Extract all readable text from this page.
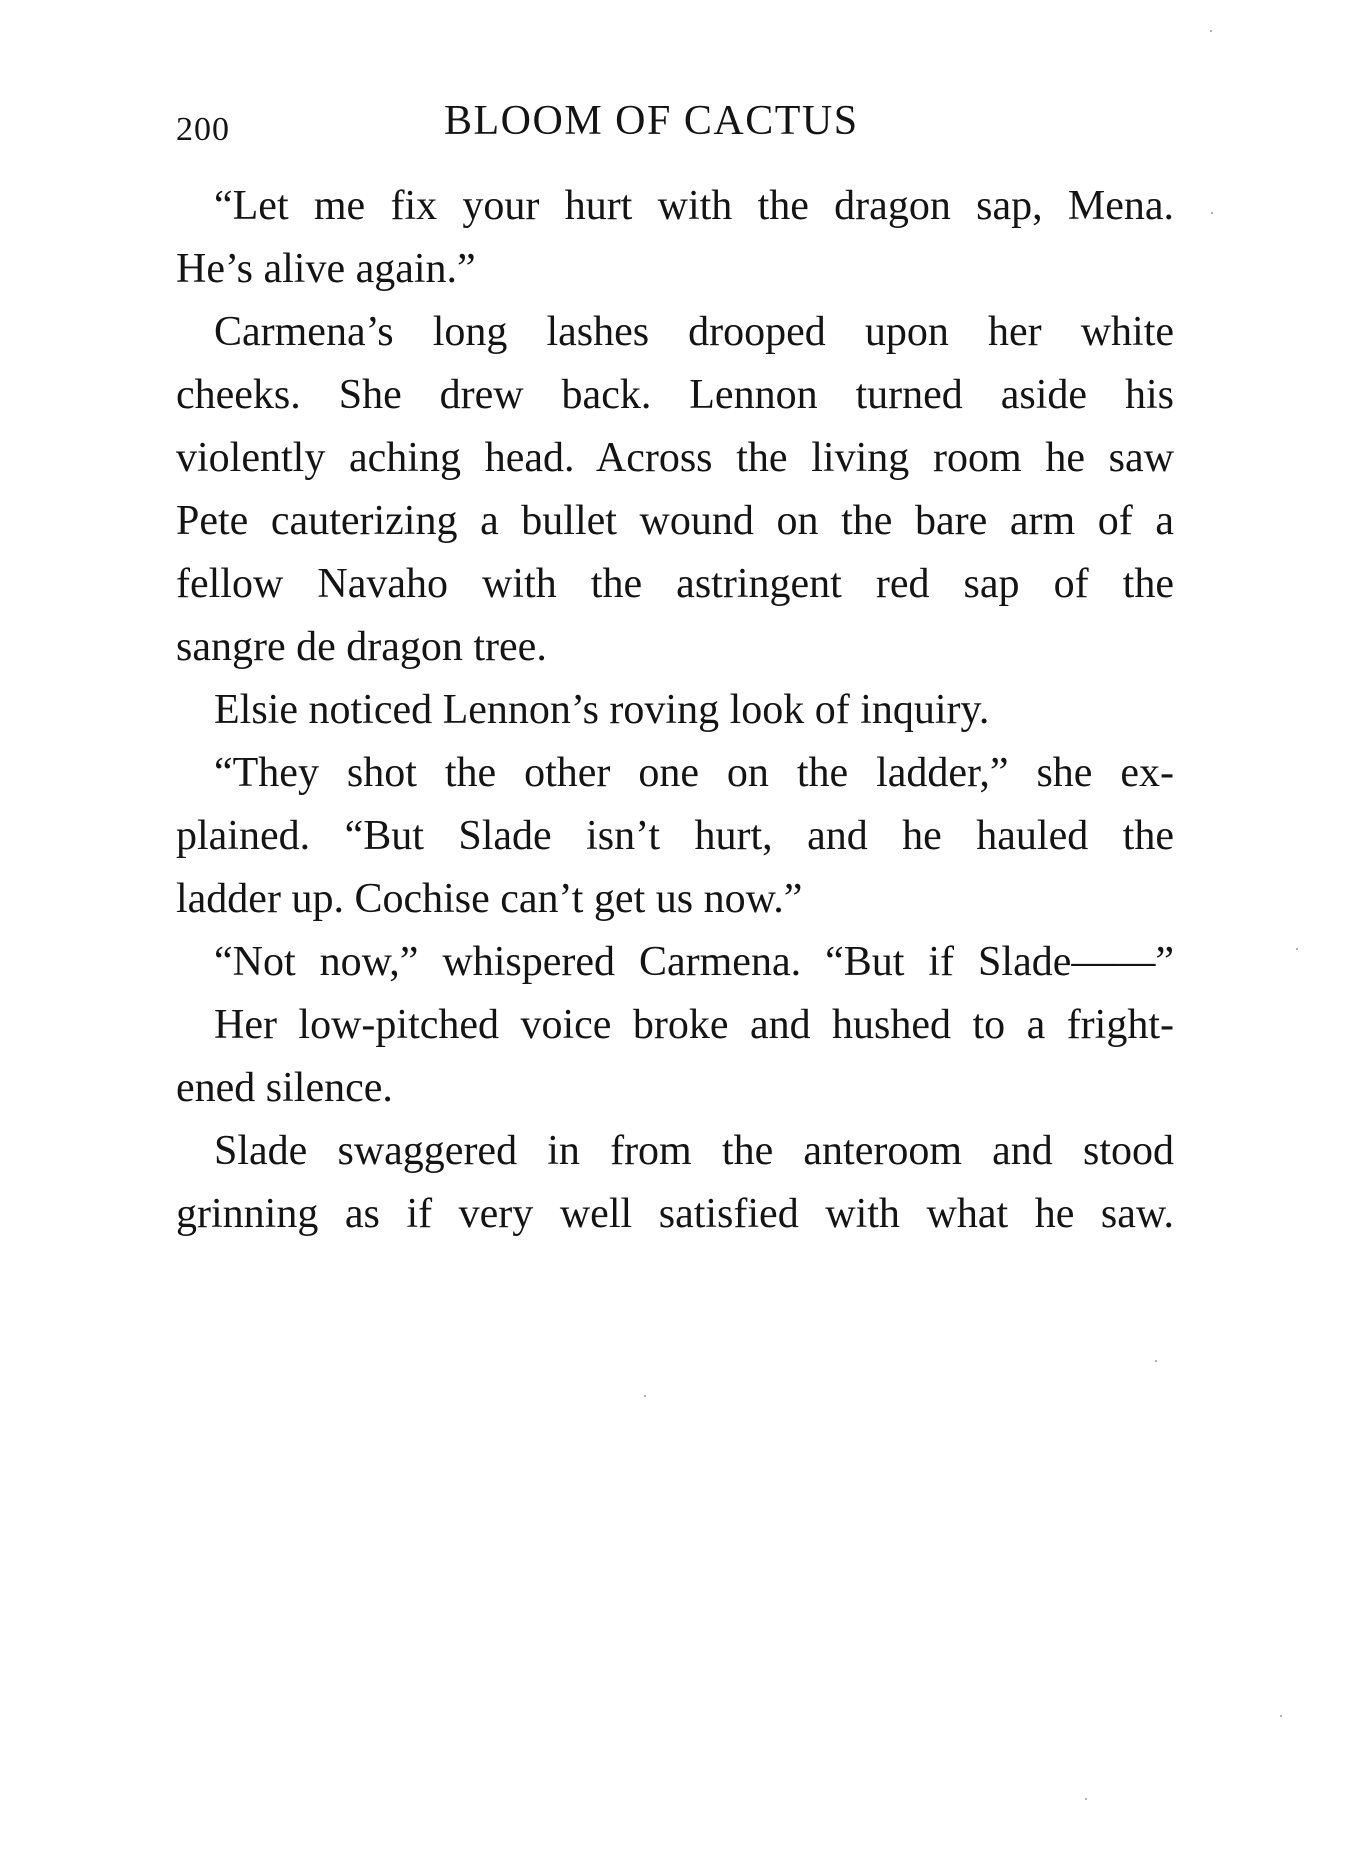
200	BLOOM OF CACTUS
“Let me fix your hurt with the dragon sap, Mena.
He’s alive again.”
Carmena’s long lashes drooped upon her white
cheeks. She drew back. Lennon turned aside his
violently aching head. Across the living room he saw
Pete cauterizing a bullet wound on the bare arm of a
fellow Navaho with the astringent red sap of the
sangre de dragon tree.
Elsie noticed Lennon’s roving look of inquiry.
“They shot the other one on the ladder,” she ex-
plained. “But Slade isn’t hurt, and he hauled the
ladder up. Cochise can’t get us now.”
“Not now,” whispered Carmena. “But if Slade——”
Her low-pitched voice broke and hushed to a fright-
ened silence.
Slade swaggered in from the anteroom and stood
grinning as if very well satisfied with what he saw.
